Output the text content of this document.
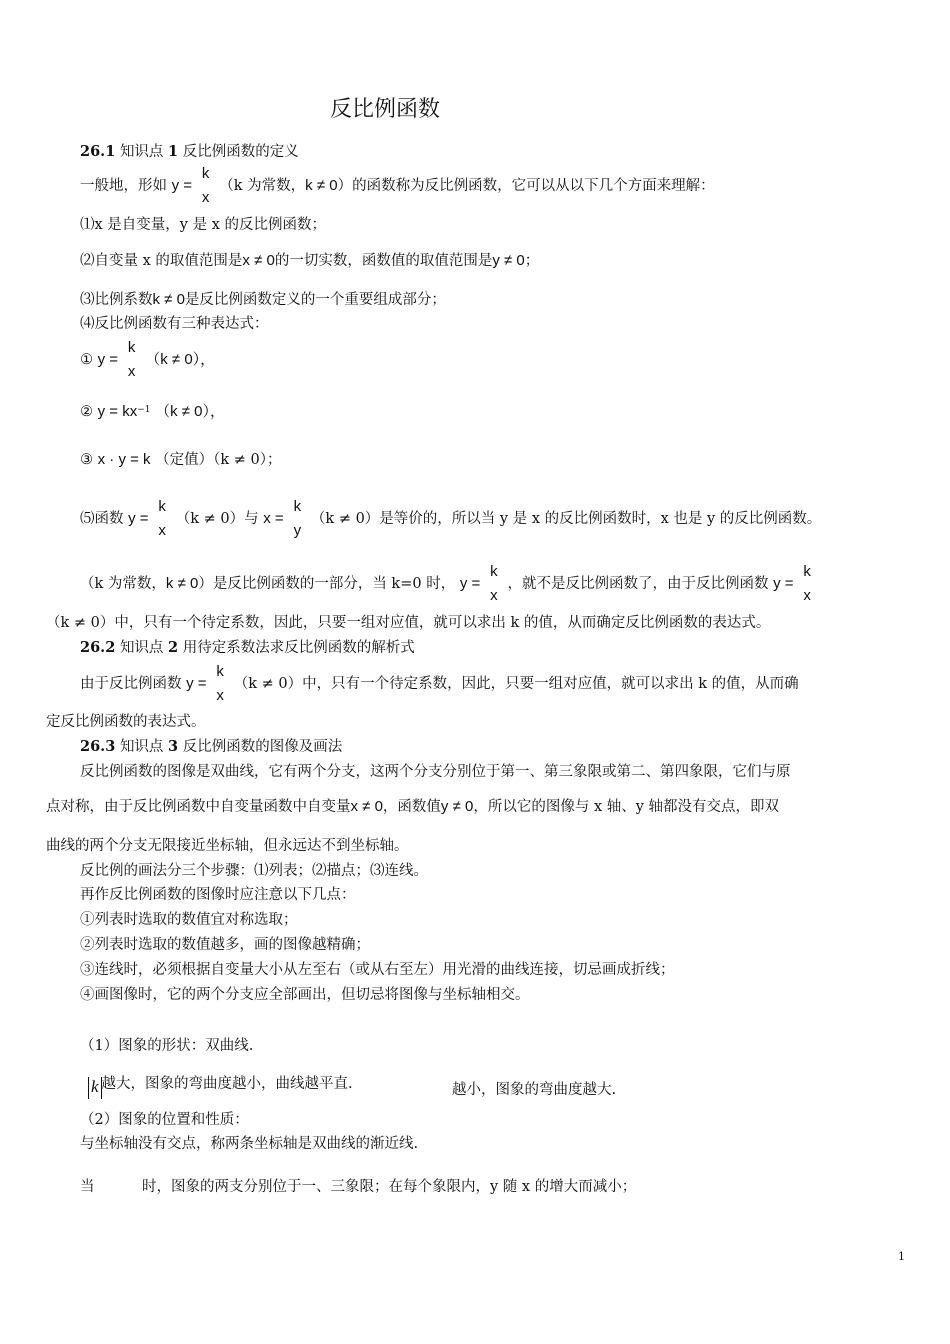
反比例函数
26.1 知识点 1 反比例函数的定义
一般地，形如 y =
k
x
（k 为常数，k ≠ 0）的函数称为反比例函数，它可以从以下几个方面来理解：
⑴x 是自变量，y 是 x 的反比例函数；
⑵自变量 x 的取值范围是x ≠ 0的一切实数，函数值的取值范围是y ≠ 0；
⑶比例系数k ≠ 0是反比例函数定义的一个重要组成部分；
⑷反比例函数有三种表达式：
① y =
k
x
（k ≠ 0），
② $y = kx^{-1}$ （k ≠ 0），
③ x · y = k （定值）（k ≠ 0）；
⑸函数 y =
k
x
（k ≠ 0）与 x =
k
y
（k ≠ 0）是等价的，所以当 y 是 x 的反比例函数时，x 也是 y 的反比例函数。
（k 为常数，k ≠ 0）是反比例函数的一部分，当 k=0 时， y =
k
x
，就不是反比例函数了，由于反比例函数 y =
k
x
（k ≠ 0）中，只有一个待定系数，因此，只要一组对应值，就可以求出 k 的值，从而确定反比例函数的表达式。
26.2 知识点 2 用待定系数法求反比例函数的解析式
由于反比例函数 y =
k
x
（k ≠ 0）中，只有一个待定系数，因此，只要一组对应值，就可以求出 k 的值，从而确
定反比例函数的表达式。
26.3 知识点 3 反比例函数的图像及画法
反比例函数的图像是双曲线，它有两个分支，这两个分支分别位于第一、第三象限或第二、第四象限，它们与原
点对称，由于反比例函数中自变量函数中自变量x ≠ 0，函数值y ≠ 0，所以它的图像与 x 轴、y 轴都没有交点，即双
曲线的两个分支无限接近坐标轴，但永远达不到坐标轴。
反比例的画法分三个步骤：⑴列表；⑵描点；⑶连线。
再作反比例函数的图像时应注意以下几点：
①列表时选取的数值宜对称选取；
②列表时选取的数值越多，画的图像越精确；
③连线时，必须根据自变量大小从左至右（或从右至左）用光滑的曲线连接，切忌画成折线；
④画图像时，它的两个分支应全部画出，但切忌将图像与坐标轴相交。
（1）图象的形状：双曲线.
k 越大，图象的弯曲度越小，曲线越平直.	越小，图象的弯曲度越大.
（2）图象的位置和性质：
与坐标轴没有交点，称两条坐标轴是双曲线的渐近线.
当	时，图象的两支分别位于一、三象限；在每个象限内，y 随 x 的增大而减小；
1
